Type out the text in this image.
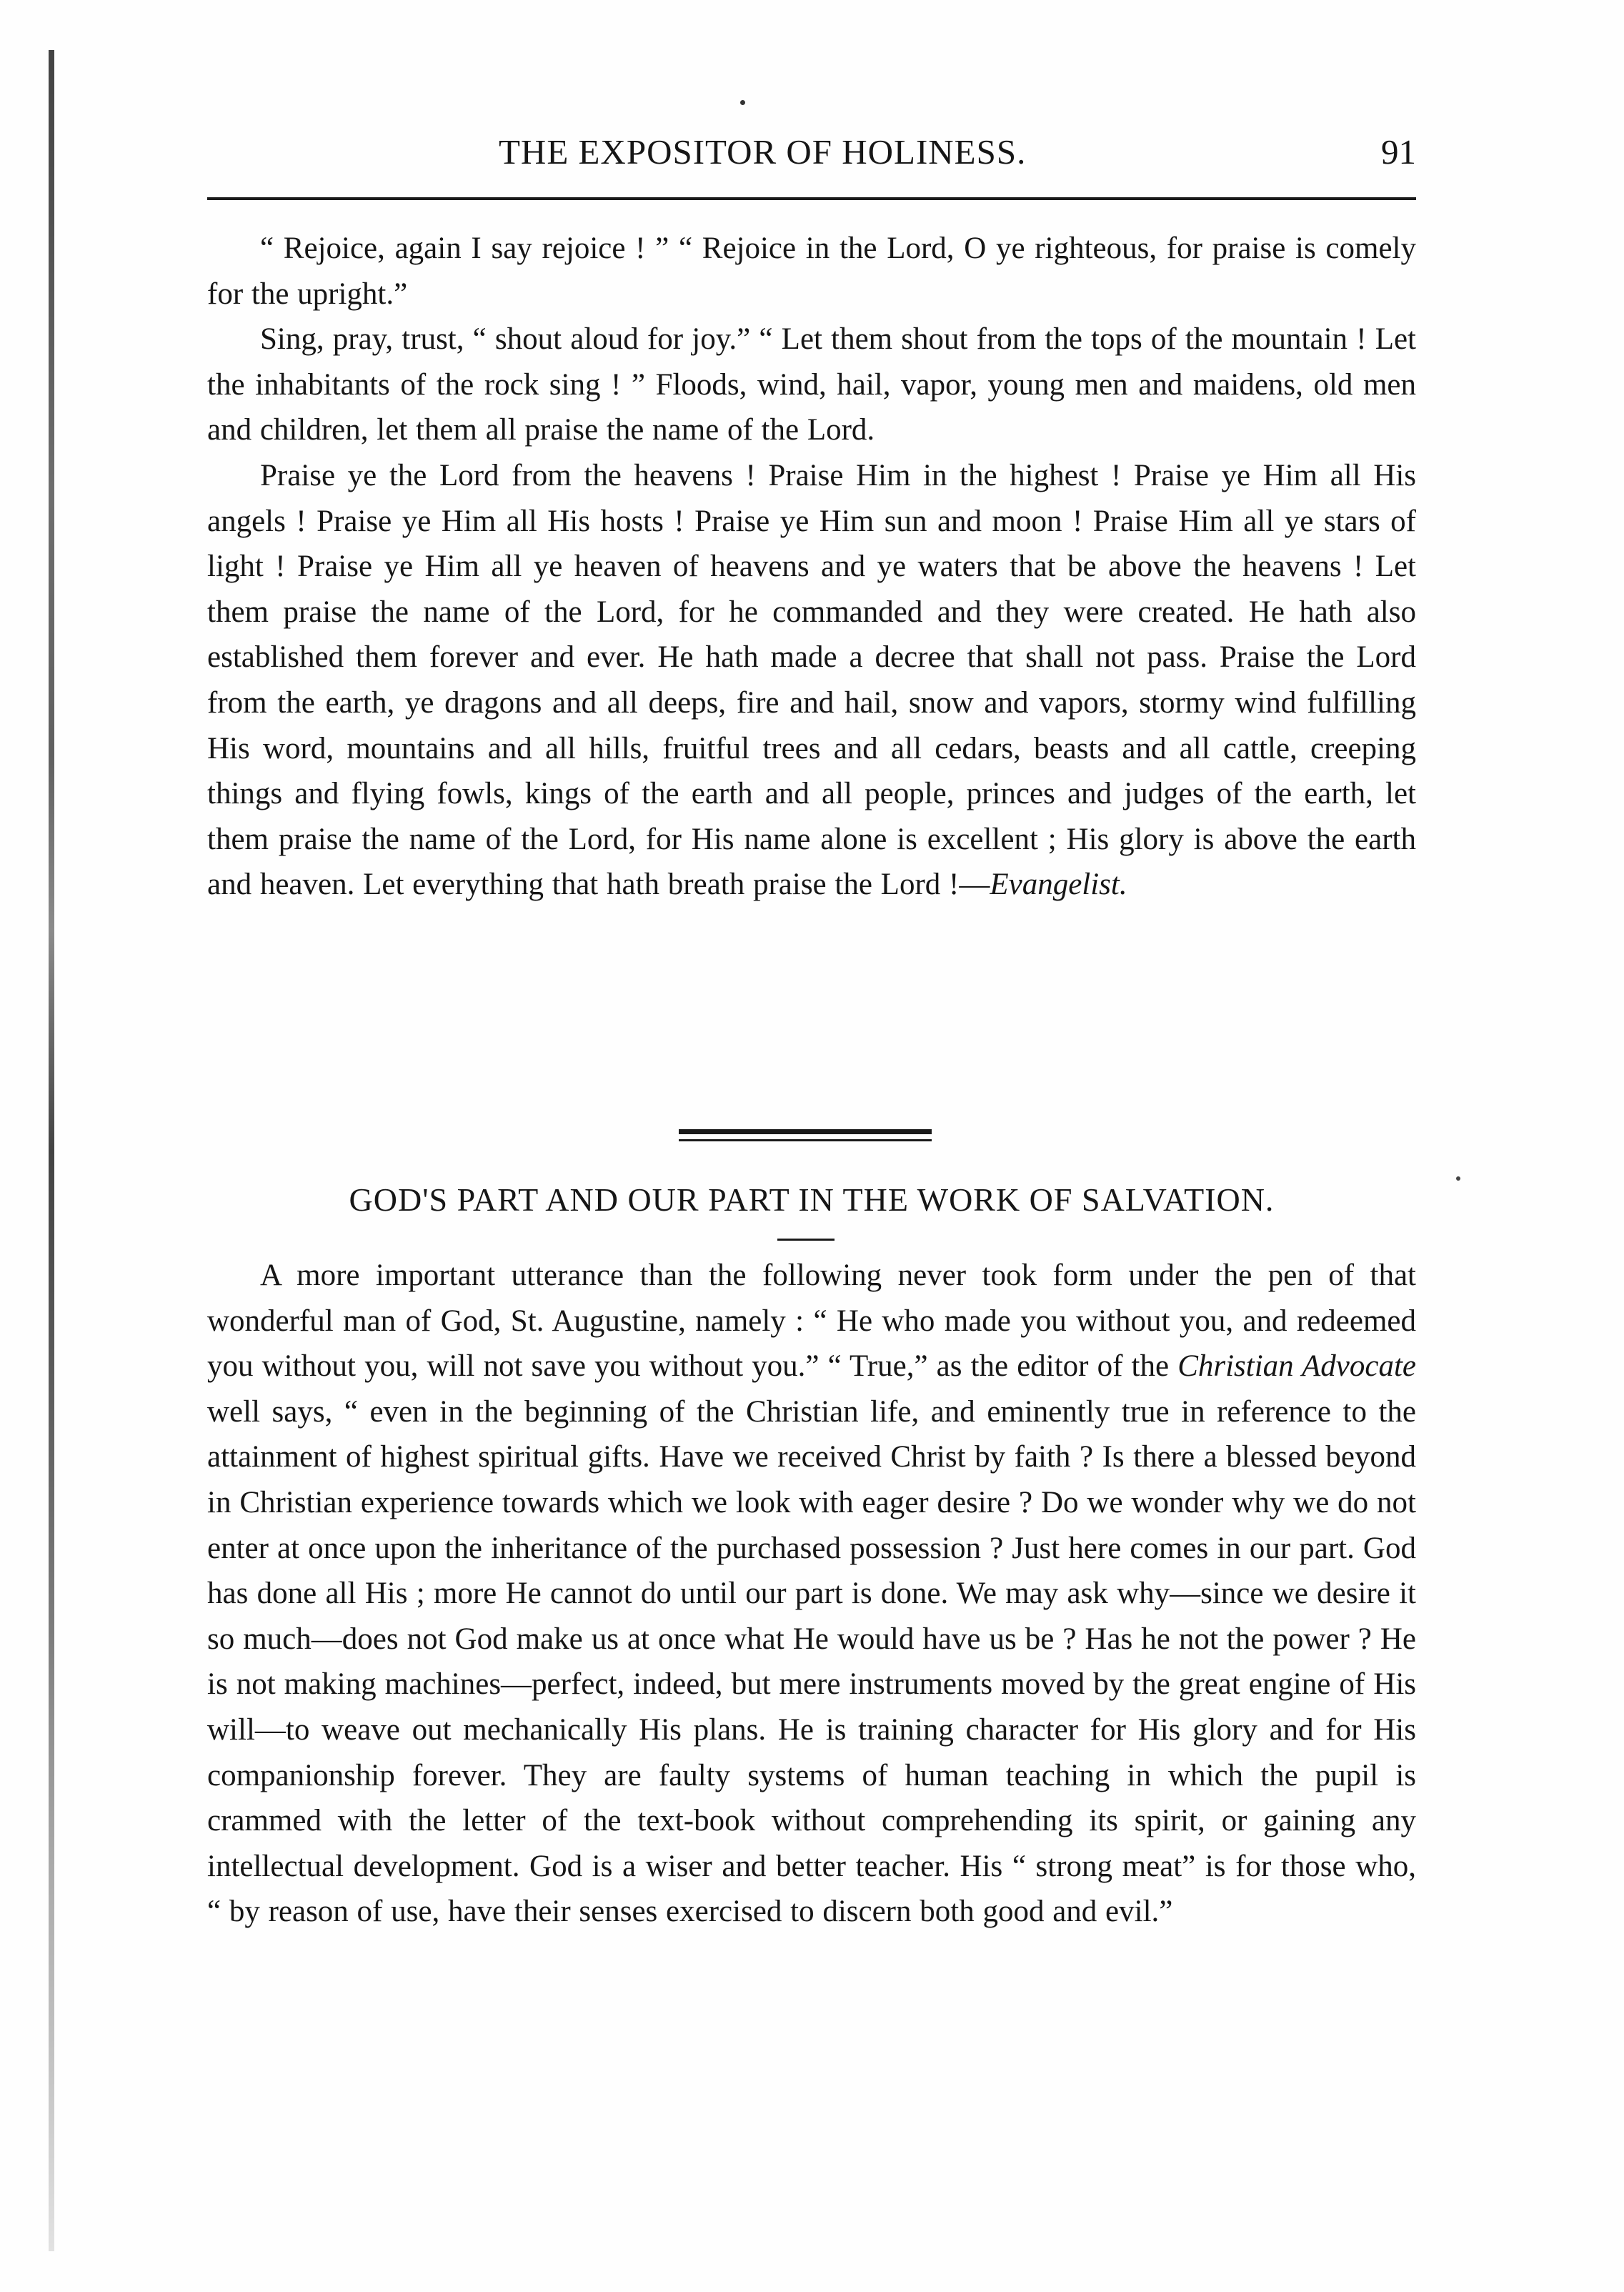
THE EXPOSITOR OF HOLINESS.	91

“ Rejoice, again I say rejoice ! ” “ Rejoice in the Lord, O ye righteous, for praise is comely for the upright.”

Sing, pray, trust, “ shout aloud for joy.” “ Let them shout from the tops of the mountain ! Let the inhabitants of the rock sing ! ” Floods, wind, hail, vapor, young men and maidens, old men and children, let them all praise the name of the Lord.

Praise ye the Lord from the heavens ! Praise Him in the highest ! Praise ye Him all His angels ! Praise ye Him all His hosts ! Praise ye Him sun and moon ! Praise Him all ye stars of light ! Praise ye Him all ye heaven of heavens and ye waters that be above the heavens ! Let them praise the name of the Lord, for he commanded and they were created. He hath also established them forever and ever. He hath made a decree that shall not pass. Praise the Lord from the earth, ye dragons and all deeps, fire and hail, snow and vapors, stormy wind fulfilling His word, mountains and all hills, fruitful trees and all cedars, beasts and all cattle, creeping things and flying fowls, kings of the earth and all people, princes and judges of the earth, let them praise the name of the Lord, for His name alone is excellent ; His glory is above the earth and heaven. Let everything that hath breath praise the Lord !—Evangelist.

GOD'S PART AND OUR PART IN THE WORK OF SALVATION.

A more important utterance than the following never took form under the pen of that wonderful man of God, St. Augustine, namely : “ He who made you without you, and redeemed you without you, will not save you without you.” “ True,” as the editor of the Christian Advocate well says, “ even in the beginning of the Christian life, and eminently true in reference to the attainment of highest spiritual gifts. Have we received Christ by faith ? Is there a blessed beyond in Christian experience towards which we look with eager desire ? Do we wonder why we do not enter at once upon the inheritance of the purchased possession ? Just here comes in our part. God has done all His ; more He cannot do until our part is done. We may ask why—since we desire it so much—does not God make us at once what He would have us be ? Has he not the power ? He is not making machines—perfect, indeed, but mere instruments moved by the great engine of His will—to weave out mechanically His plans. He is training character for His glory and for His companionship forever. They are faulty systems of human teaching in which the pupil is crammed with the letter of the text-book without comprehending its spirit, or gaining any intellectual development. God is a wiser and better teacher. His “ strong meat” is for those who, “ by reason of use, have their senses exercised to discern both good and evil.”
